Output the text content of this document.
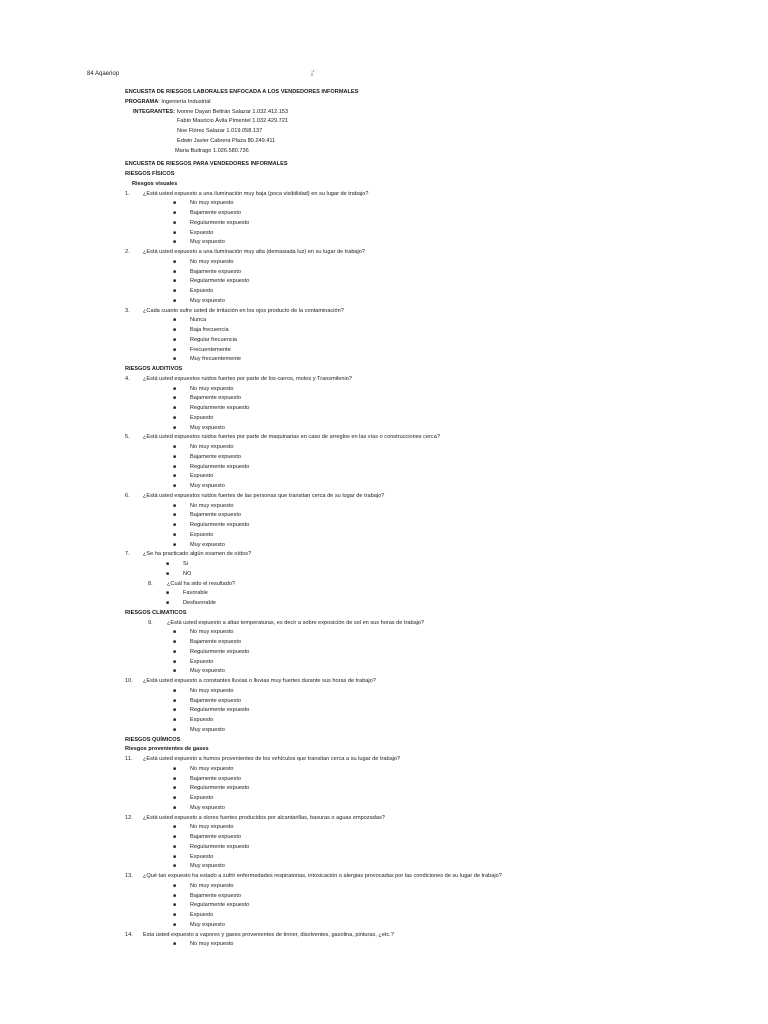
84 Aqaeriop	¡'
ENCUESTA DE RIESGOS LABORALES ENFOCADA A LOS VENDEDORES INFORMALES
PROGRAMA: Ingeniería Industrial
INTEGRANTES: Ivonne Dayan Beltrán Salazar 1.032.412.153
Fabio Mauricio Ávila Pimentel 1.032.429.721
Noe Flórez Salazar 1.019.058.137
Edwin Javier Cabrera Plaza 80.249.411
Maria Buitrago 1.026.580.736
ENCUESTA DE RIESGOS PARA VENDEDORES INFORMALES
RIESGOS FÍSICOS
Riesgos visuales
1. ¿Está usted expuesto a una iluminación muy baja (poca visibilidad) en su lugar de trabajo?
■ No muy expuesto
■ Bajamente expuesto
■ Regularmente expuesto
■ Expuesto
■ Muy expuesto
2. ¿Está usted expuesto a una iluminación muy alta (demasiada luz) en su lugar de trabajo?
■ No muy expuesto
■ Bajamente expuesto
■ Regularmente expuesto
■ Expuesto
■ Muy expuesto
3. ¿Cada cuanto sufre usted de irritación en los ojos producto de la contaminación?
■ Nunca
■ Baja frecuencia
■ Regular frecuencia
■ Frecuentemente
■ Muy frecuentemente
RIESGOS AUDITIVOS
4. ¿Está usted expuestos ruidos fuertes por parte de los carros, motos y Transmilenio?
■ No muy expuesto
■ Bajamente expuesto
■ Regularmente expuesto
■ Expuesto
■ Muy expuesto
5. ¿Está usted expuestos ruidos fuertes por parte de maquinarias en caso de arreglos en las vías o construcciones cerca?
■ No muy expuesto
■ Bajamente expuesto
■ Regularmente expuesto
■ Expuesto
■ Muy expuesto
6. ¿Está usted expuestos ruidos fuertes de las personas que transitan cerca de su lugar de trabajo?
■ No muy expuesto
■ Bajamente expuesto
■ Regularmente expuesto
■ Expuesto
■ Muy expuesto
7. ¿Se ha practicado algún examen de oídos?
■ Si
■ NO
8.	¿Cuál ha sido el resultado?
■ Favorable
■ Desfavorable
RIESGOS CLIMATICOS
9.	¿Está usted expuesto a altas temperaturas, es decir a sobre exposición de sol en sus horas de trabajo?
■ No muy expuesto
■ Bajamente expuesto
■ Regularmente expuesto
■ Expuesto
■ Muy expuesto
10. ¿Está usted expuesto a constantes lluvias o lluvias muy fuertes durante sus horas de trabajo?
■ No muy expuesto
■ Bajamente expuesto
■ Regularmente expuesto
■ Expuesto
■ Muy expuesto
RIESGOS QUÍMICOS
Riesgos provenientes de gases
11. ¿Está usted expuesto a humos provenientes de los vehículos que transitan cerca a su lugar de trabajo?
■ No muy expuesto
■ Bajamente expuesto
■ Regularmente expuesto
■ Expuesto
■ Muy expuesto
12. ¿Está usted expuesto a olores fuertes producidos por alcantarillas, basuras o aguas empozadas?
■ No muy expuesto
■ Bajamente expuesto
■ Regularmente expuesto
■ Expuesto
■ Muy expuesto
13. ¿Qué tan expuesto ha estado a sufrir enfermedades respiratorias, intoxicación o alergias provocadas por las condiciones de su lugar de trabajo?
■ No muy expuesto
■ Bajamente expuesto
■ Regularmente expuesto
■ Expuesto
■ Muy expuesto
14. Esta usted expuesto a vapores y gases provenientes de tinner, disolventes, gasolina, pinturas, ¿etc.?
■ No muy expuesto
